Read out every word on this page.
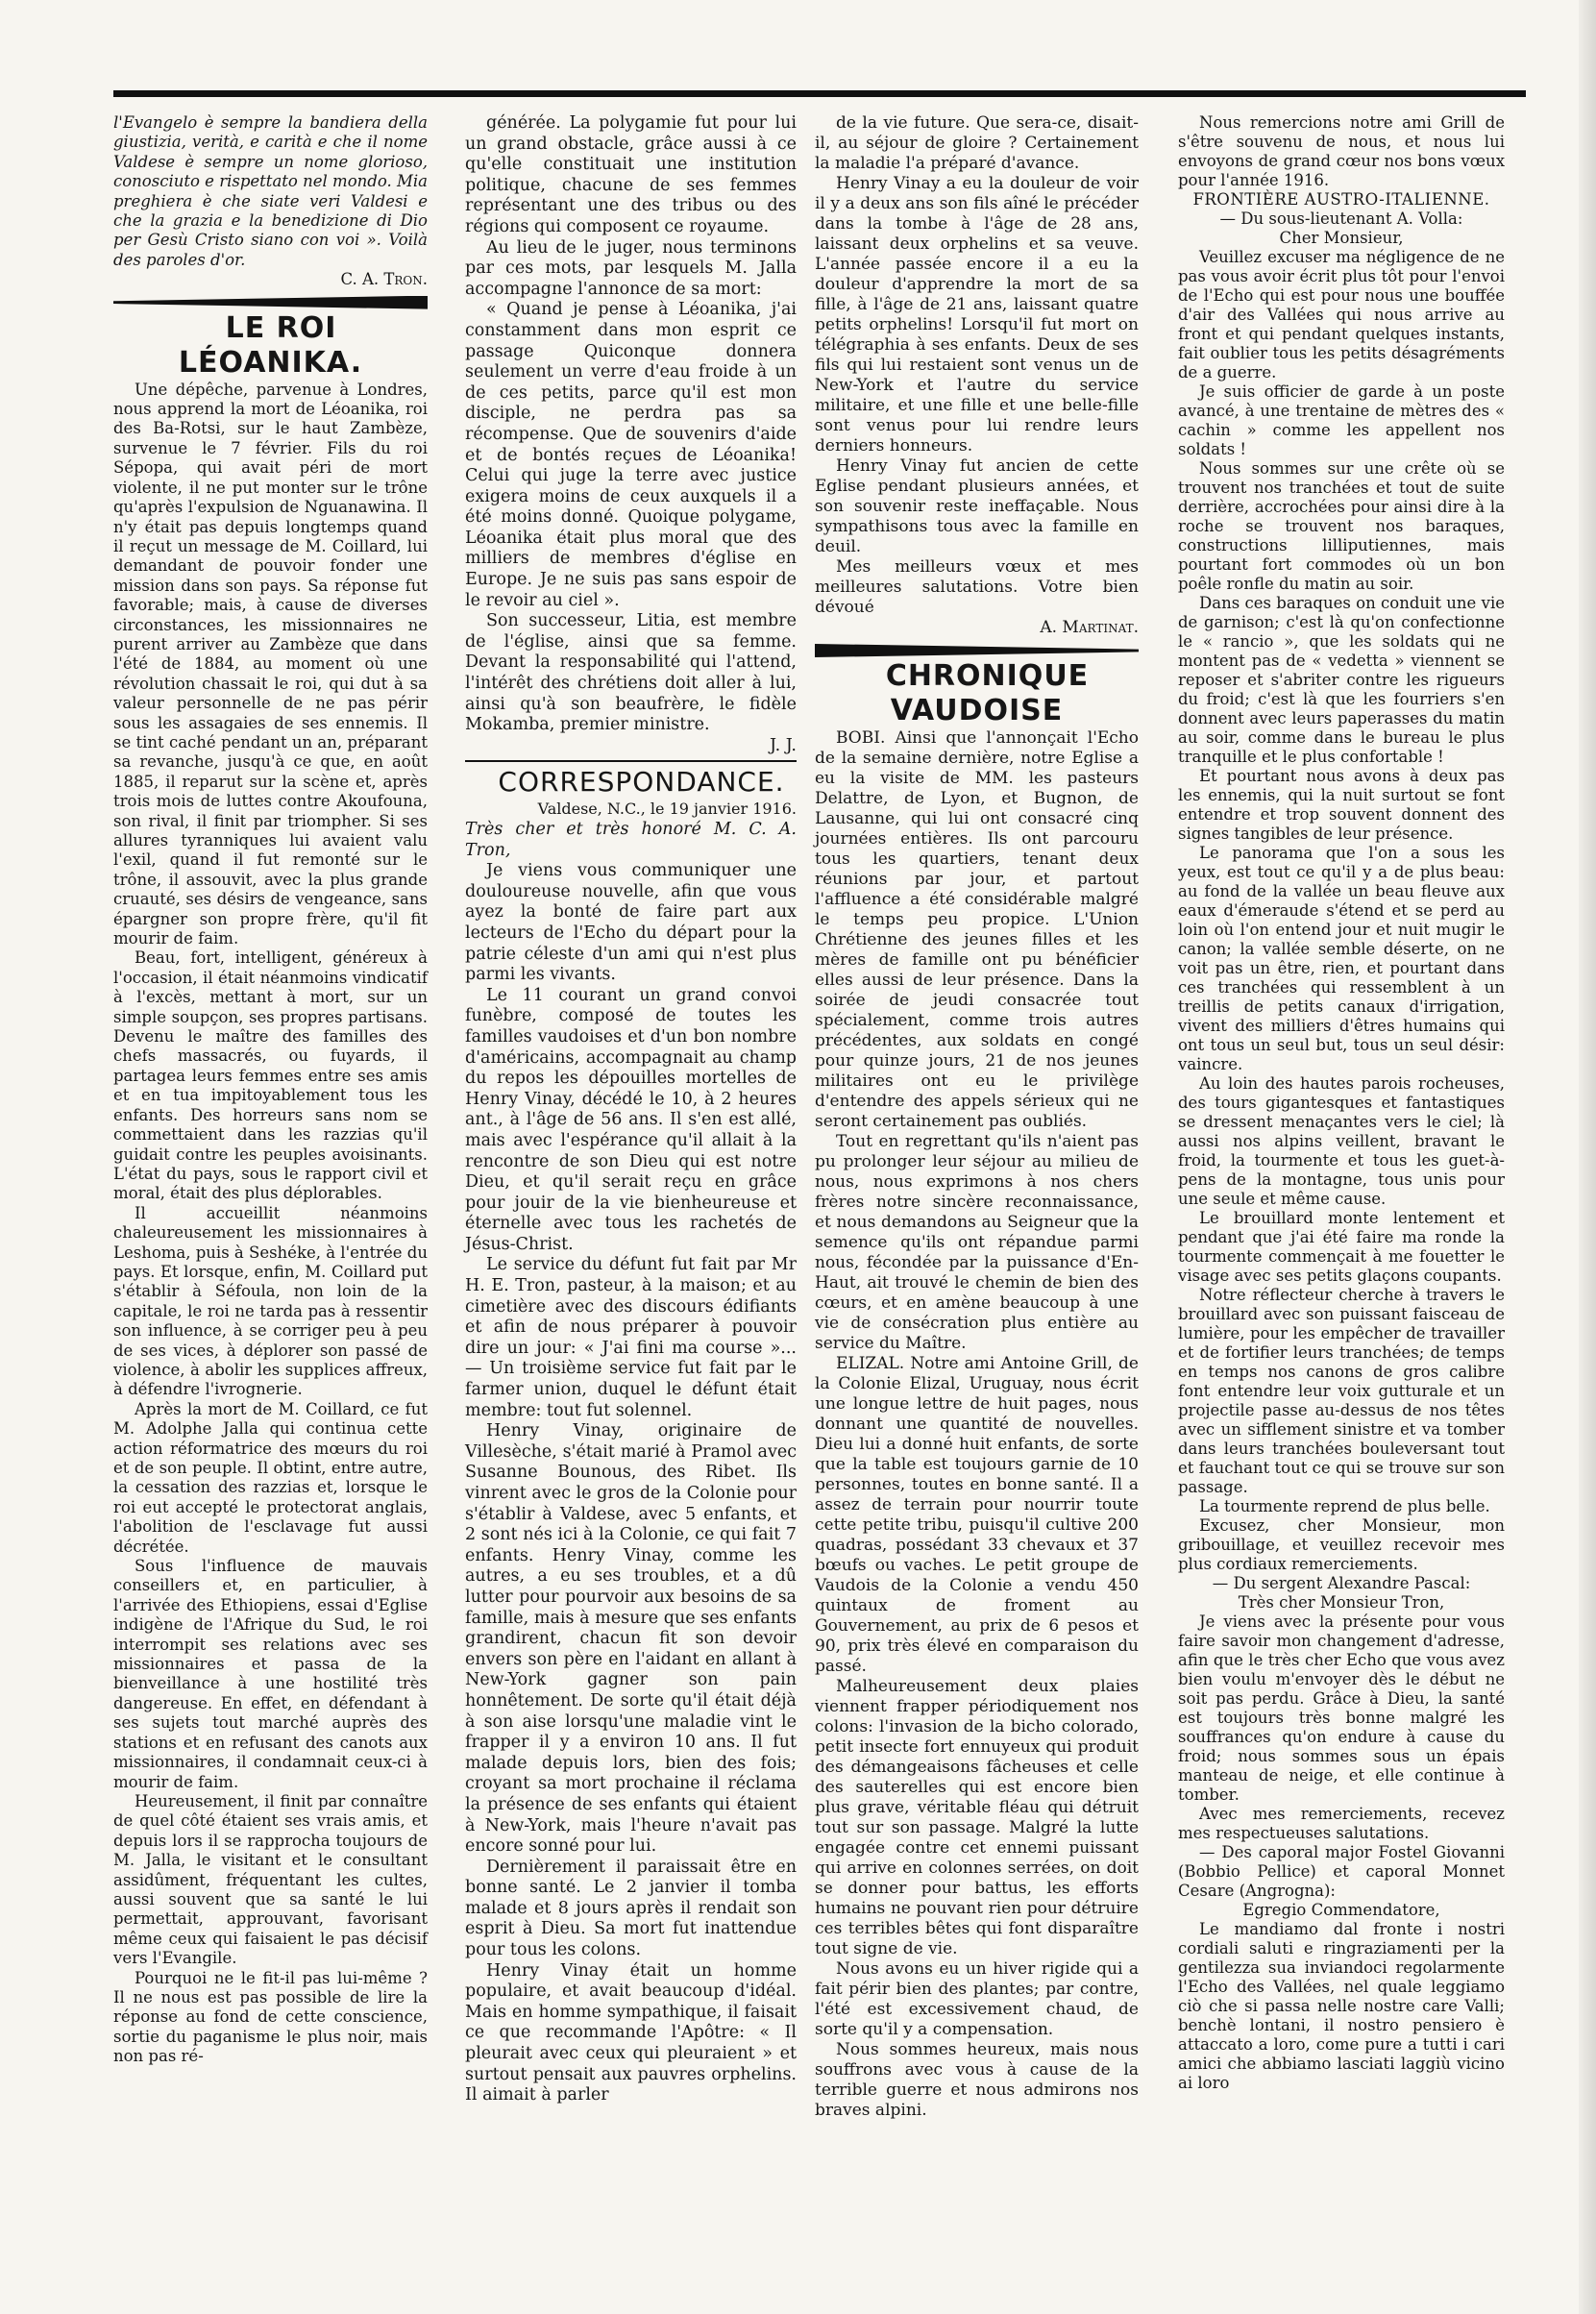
l'Evangelo è sempre la bandiera della giustizia, verità, e carità e che il nome Valdese è sempre un nome glorioso, conosciuto e rispettato nel mondo. Mia preghiera è che siate veri Valdesi e che la grazia e la benedizione di Dio per Gesù Cristo siano con voi ». Voilà des paroles d'or.

C. A. Tron.

LE ROI LÉOANIKA.

Une dépêche, parvenue à Londres, nous apprend la mort de Léoanika, roi des Ba-Rotsi, sur le haut Zambèze, survenue le 7 février. Fils du roi Sépopa, qui avait péri de mort violente, il ne put monter sur le trône qu'après l'expulsion de Nguanawina. Il n'y était pas depuis longtemps quand il reçut un message de M. Coillard, lui demandant de pouvoir fonder une mission dans son pays. Sa réponse fut favorable; mais, à cause de diverses circonstances, les missionnaires ne purent arriver au Zambèze que dans l'été de 1884, au moment où une révolution chassait le roi, qui dut à sa valeur personnelle de ne pas périr sous les assagaies de ses ennemis. Il se tint caché pendant un an, préparant sa revanche, jusqu'à ce que, en août 1885, il reparut sur la scène et, après trois mois de luttes contre Akoufouna, son rival, il finit par triompher. Si ses allures tyranniques lui avaient valu l'exil, quand il fut remonté sur le trône, il assouvit, avec la plus grande cruauté, ses désirs de vengeance, sans épargner son propre frère, qu'il fit mourir de faim.

Beau, fort, intelligent, généreux à l'occasion, il était néanmoins vindicatif à l'excès, mettant à mort, sur un simple soupçon, ses propres partisans. Devenu le maître des familles des chefs massacrés, ou fuyards, il partagea leurs femmes entre ses amis et en tua impitoyablement tous les enfants. Des horreurs sans nom se commettaient dans les razzias qu'il guidait contre les peuples avoisinants. L'état du pays, sous le rapport civil et moral, était des plus déplorables.

Il accueillit néanmoins chaleureusement les missionnaires à Leshoma, puis à Seshéke, à l'entrée du pays. Et lorsque, enfin, M. Coillard put s'établir à Séfoula, non loin de la capitale, le roi ne tarda pas à ressentir son influence, à se corriger peu à peu de ses vices, à déplorer son passé de violence, à abolir les supplices affreux, à défendre l'ivrognerie.

Après la mort de M. Coillard, ce fut M. Adolphe Jalla qui continua cette action réformatrice des mœurs du roi et de son peuple. Il obtint, entre autre, la cessation des razzias et, lorsque le roi eut accepté le protectorat anglais, l'abolition de l'esclavage fut aussi décrétée.

Sous l'influence de mauvais conseillers et, en particulier, à l'arrivée des Ethiopiens, essai d'Eglise indigène de l'Afrique du Sud, le roi interrompit ses relations avec ses missionnaires et passa de la bienveillance à une hostilité très dangereuse. En effet, en défendant à ses sujets tout marché auprès des stations et en refusant des canots aux missionnaires, il condamnait ceux-ci à mourir de faim.

Heureusement, il finit par connaître de quel côté étaient ses vrais amis, et depuis lors il se rapprocha toujours de M. Jalla, le visitant et le consultant assidûment, fréquentant les cultes, aussi souvent que sa santé le lui permettait, approuvant, favorisant même ceux qui faisaient le pas décisif vers l'Evangile.

Pourquoi ne le fit-il pas lui-même ? Il ne nous est pas possible de lire la réponse au fond de cette conscience, sortie du paganisme le plus noir, mais non pas ré-

générée. La polygamie fut pour lui un grand obstacle, grâce aussi à ce qu'elle constituait une institution politique, chacune de ses femmes représentant une des tribus ou des régions qui composent ce royaume.

Au lieu de le juger, nous terminons par ces mots, par lesquels M. Jalla accompagne l'annonce de sa mort:

« Quand je pense à Léoanika, j'ai constamment dans mon esprit ce passage Quiconque donnera seulement un verre d'eau froide à un de ces petits, parce qu'il est mon disciple, ne perdra pas sa récompense. Que de souvenirs d'aide et de bontés reçues de Léoanika! Celui qui juge la terre avec justice exigera moins de ceux auxquels il a été moins donné. Quoique polygame, Léoanika était plus moral que des milliers de membres d'église en Europe. Je ne suis pas sans espoir de le revoir au ciel ».

Son successeur, Litia, est membre de l'église, ainsi que sa femme. Devant la responsabilité qui l'attend, l'intérêt des chrétiens doit aller à lui, ainsi qu'à son beaufrère, le fidèle Mokamba, premier ministre.

J. J.

CORRESPONDANCE.

Valdese, N.C., le 19 janvier 1916.

Très cher et très honoré M. C. A. Tron,

Je viens vous communiquer une douloureuse nouvelle, afin que vous ayez la bonté de faire part aux lecteurs de l'Echo du départ pour la patrie céleste d'un ami qui n'est plus parmi les vivants.

Le 11 courant un grand convoi funèbre, composé de toutes les familles vaudoises et d'un bon nombre d'américains, accompagnait au champ du repos les dépouilles mortelles de Henry Vinay, décédé le 10, à 2 heures ant., à l'âge de 56 ans. Il s'en est allé, mais avec l'espérance qu'il allait à la rencontre de son Dieu qui est notre Dieu, et qu'il serait reçu en grâce pour jouir de la vie bienheureuse et éternelle avec tous les rachetés de Jésus-Christ.

Le service du défunt fut fait par Mr H. E. Tron, pasteur, à la maison; et au cimetière avec des discours édifiants et afin de nous préparer à pouvoir dire un jour: « J'ai fini ma course »... — Un troisième service fut fait par le farmer union, duquel le défunt était membre: tout fut solennel.

Henry Vinay, originaire de Villesèche, s'était marié à Pramol avec Susanne Bounous, des Ribet. Ils vinrent avec le gros de la Colonie pour s'établir à Valdese, avec 5 enfants, et 2 sont nés ici à la Colonie, ce qui fait 7 enfants. Henry Vinay, comme les autres, a eu ses troubles, et a dû lutter pour pourvoir aux besoins de sa famille, mais à mesure que ses enfants grandirent, chacun fit son devoir envers son père en l'aidant en allant à New-York gagner son pain honnêtement. De sorte qu'il était déjà à son aise lorsqu'une maladie vint le frapper il y a environ 10 ans. Il fut malade depuis lors, bien des fois; croyant sa mort prochaine il réclama la présence de ses enfants qui étaient à New-York, mais l'heure n'avait pas encore sonné pour lui.

Dernièrement il paraissait être en bonne santé. Le 2 janvier il tomba malade et 8 jours après il rendait son esprit à Dieu. Sa mort fut inattendue pour tous les colons.

Henry Vinay était un homme populaire, et avait beaucoup d'idéal. Mais en homme sympathique, il faisait ce que recommande l'Apôtre: « Il pleurait avec ceux qui pleuraient » et surtout pensait aux pauvres orphelins. Il aimait à parler

de la vie future. Que sera-ce, disait-il, au séjour de gloire ? Certainement la maladie l'a préparé d'avance.

Henry Vinay a eu la douleur de voir il y a deux ans son fils aîné le précéder dans la tombe à l'âge de 28 ans, laissant deux orphelins et sa veuve. L'année passée encore il a eu la douleur d'apprendre la mort de sa fille, à l'âge de 21 ans, laissant quatre petits orphelins! Lorsqu'il fut mort on télégraphia à ses enfants. Deux de ses fils qui lui restaient sont venus un de New-York et l'autre du service militaire, et une fille et une belle-fille sont venus pour lui rendre leurs derniers honneurs.

Henry Vinay fut ancien de cette Eglise pendant plusieurs années, et son souvenir reste ineffaçable. Nous sympathisons tous avec la famille en deuil.

Mes meilleurs vœux et mes meilleures salutations. Votre bien dévoué

A. Martinat.

CHRONIQUE VAUDOISE

BOBI. Ainsi que l'annonçait l'Echo de la semaine dernière, notre Eglise a eu la visite de MM. les pasteurs Delattre, de Lyon, et Bugnon, de Lausanne, qui lui ont consacré cinq journées entières. Ils ont parcouru tous les quartiers, tenant deux réunions par jour, et partout l'affluence a été considérable malgré le temps peu propice. L'Union Chrétienne des jeunes filles et les mères de famille ont pu bénéficier elles aussi de leur présence. Dans la soirée de jeudi consacrée tout spécialement, comme trois autres précédentes, aux soldats en congé pour quinze jours, 21 de nos jeunes militaires ont eu le privilège d'entendre des appels sérieux qui ne seront certainement pas oubliés.

Tout en regrettant qu'ils n'aient pas pu prolonger leur séjour au milieu de nous, nous exprimons à nos chers frères notre sincère reconnaissance, et nous demandons au Seigneur que la semence qu'ils ont répandue parmi nous, fécondée par la puissance d'En-Haut, ait trouvé le chemin de bien des cœurs, et en amène beaucoup à une vie de consécration plus entière au service du Maître.

ELIZAL. Notre ami Antoine Grill, de la Colonie Elizal, Uruguay, nous écrit une longue lettre de huit pages, nous donnant une quantité de nouvelles. Dieu lui a donné huit enfants, de sorte que la table est toujours garnie de 10 personnes, toutes en bonne santé. Il a assez de terrain pour nourrir toute cette petite tribu, puisqu'il cultive 200 quadras, possédant 33 chevaux et 37 bœufs ou vaches. Le petit groupe de Vaudois de la Colonie a vendu 450 quintaux de froment au Gouvernement, au prix de 6 pesos et 90, prix très élevé en comparaison du passé.

Malheureusement deux plaies viennent frapper périodiquement nos colons: l'invasion de la bicho colorado, petit insecte fort ennuyeux qui produit des démangeaisons fâcheuses et celle des sauterelles qui est encore bien plus grave, véritable fléau qui détruit tout sur son passage. Malgré la lutte engagée contre cet ennemi puissant qui arrive en colonnes serrées, on doit se donner pour battus, les efforts humains ne pouvant rien pour détruire ces terribles bêtes qui font disparaître tout signe de vie.

Nous avons eu un hiver rigide qui a fait périr bien des plantes; par contre, l'été est excessivement chaud, de sorte qu'il y a compensation.

Nous sommes heureux, mais nous souffrons avec vous à cause de la terrible guerre et nous admirons nos braves alpini.

Nous remercions notre ami Grill de s'être souvenu de nous, et nous lui envoyons de grand cœur nos bons vœux pour l'année 1916.

FRONTIÈRE AUSTRO-ITALIENNE.

— Du sous-lieutenant A. Volla:

Cher Monsieur,

Veuillez excuser ma négligence de ne pas vous avoir écrit plus tôt pour l'envoi de l'Echo qui est pour nous une bouffée d'air des Vallées qui nous arrive au front et qui pendant quelques instants, fait oublier tous les petits désagréments de a guerre.

Je suis officier de garde à un poste avancé, à une trentaine de mètres des « cachin » comme les appellent nos soldats !

Nous sommes sur une crête où se trouvent nos tranchées et tout de suite derrière, accrochées pour ainsi dire à la roche se trouvent nos baraques, constructions lilliputiennes, mais pourtant fort commodes où un bon poêle ronfle du matin au soir.

Dans ces baraques on conduit une vie de garnison; c'est là qu'on confectionne le « rancio », que les soldats qui ne montent pas de « vedetta » viennent se reposer et s'abriter contre les rigueurs du froid; c'est là que les fourriers s'en donnent avec leurs paperasses du matin au soir, comme dans le bureau le plus tranquille et le plus confortable !

Et pourtant nous avons à deux pas les ennemis, qui la nuit surtout se font entendre et trop souvent donnent des signes tangibles de leur présence.

Le panorama que l'on a sous les yeux, est tout ce qu'il y a de plus beau: au fond de la vallée un beau fleuve aux eaux d'émeraude s'étend et se perd au loin où l'on entend jour et nuit mugir le canon; la vallée semble déserte, on ne voit pas un être, rien, et pourtant dans ces tranchées qui ressemblent à un treillis de petits canaux d'irrigation, vivent des milliers d'êtres humains qui ont tous un seul but, tous un seul désir: vaincre.

Au loin des hautes parois rocheuses, des tours gigantesques et fantastiques se dressent menaçantes vers le ciel; là aussi nos alpins veillent, bravant le froid, la tourmente et tous les guet-à-pens de la montagne, tous unis pour une seule et même cause.

Le brouillard monte lentement et pendant que j'ai été faire ma ronde la tourmente commençait à me fouetter le visage avec ses petits glaçons coupants.

Notre réflecteur cherche à travers le brouillard avec son puissant faisceau de lumière, pour les empêcher de travailler et de fortifier leurs tranchées; de temps en temps nos canons de gros calibre font entendre leur voix gutturale et un projectile passe au-dessus de nos têtes avec un sifflement sinistre et va tomber dans leurs tranchées bouleversant tout et fauchant tout ce qui se trouve sur son passage.

La tourmente reprend de plus belle.

Excusez, cher Monsieur, mon gribouillage, et veuillez recevoir mes plus cordiaux remerciements.

— Du sergent Alexandre Pascal:

Très cher Monsieur Tron,

Je viens avec la présente pour vous faire savoir mon changement d'adresse, afin que le très cher Echo que vous avez bien voulu m'envoyer dès le début ne soit pas perdu. Grâce à Dieu, la santé est toujours très bonne malgré les souffrances qu'on endure à cause du froid; nous sommes sous un épais manteau de neige, et elle continue à tomber.

Avec mes remerciements, recevez mes respectueuses salutations.

— Des caporal major Fostel Giovanni (Bobbio Pellice) et caporal Monnet Cesare (Angrogna):

Egregio Commendatore,

Le mandiamo dal fronte i nostri cordiali saluti e ringraziamenti per la gentilezza sua inviandoci regolarmente l'Echo des Vallées, nel quale leggiamo ciò che si passa nelle nostre care Valli; benchè lontani, il nostro pensiero è attaccato a loro, come pure a tutti i cari amici che abbiamo lasciati laggiù vicino ai loro
